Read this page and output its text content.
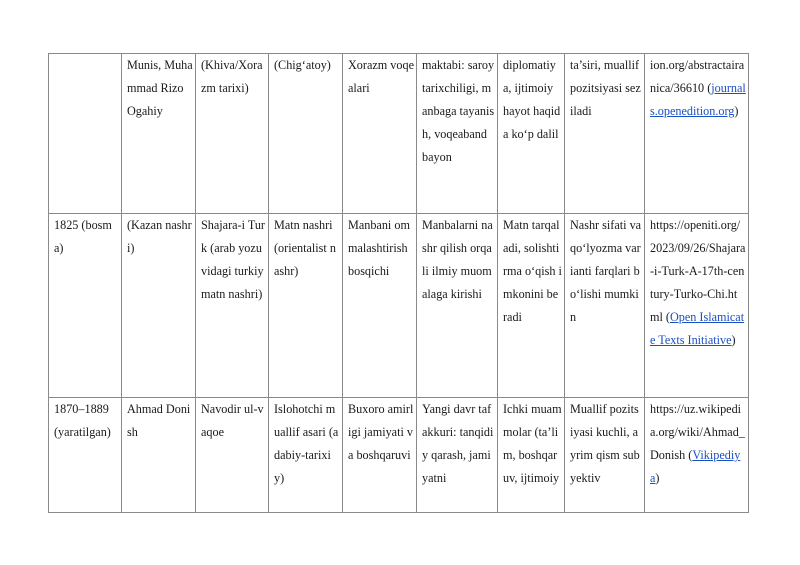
	Munis, Muhammad Rizo Ogahiy	(Khiva/Xorazm tarixi)	(Chig‘atoy)	Xorazm voqealari	maktabi: saroy tarixchiligi, manbaga tayanish, voqeaband bayon	diplomatiya, ijtimoiy hayot haqida ko‘p dalil	ta’siri, muallif pozitsiyasi seziladi	ion.org/abstractairanica/36610 (journals.openedition.org)

1825 (bosma)	(Kazan nashri)	Shajara-i Turk (arab yozuvidagi turkiy matn nashri)	Matn nashri (orientalist nashr)	Manbani ommalashtirish bosqichi	Manbalarni nashr qilish orqali ilmiy muomalaga kirishi	Matn tarqaladi, solishtirma o‘qish imkonini beradi	Nashr sifati va qo‘lyozma varianti farqlari bo‘lishi mumkin	https://openiti.org/2023/09/26/Shajara-i-Turk-A-17th-century-Turko-Chi.html (Open Islamicate Texts Initiative)

1870–1889 (yaratilgan)	Ahmad Donish	Navodir ul-vaqoe	Islohotchi muallif asari (adabiy-tarixiy)	Buxoro amirligi jamiyati va boshqaruvi	Yangi davr tafakkuri: tanqidiy qarash, jamiyatni	Ichki muammolar (ta’lim, boshqaruv, ijtimoiy	Muallif pozitsiyasi kuchli, ayrim qism subyektiv	https://uz.wikipedia.org/wiki/Ahmad_Donish (Vikipediya)
